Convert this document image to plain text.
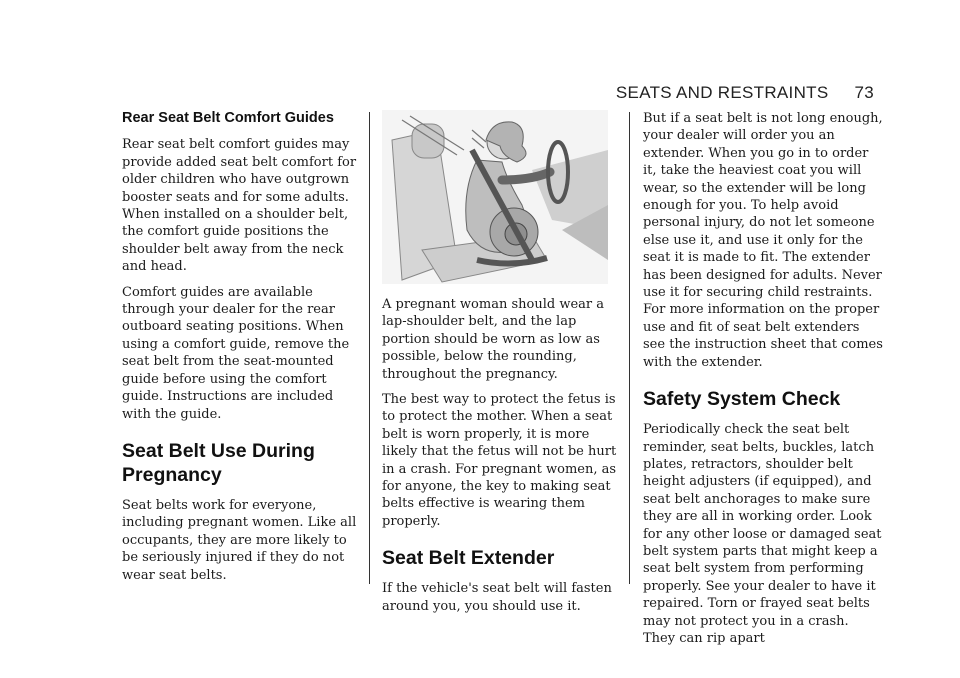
SEATS AND RESTRAINTS 73
Rear Seat Belt Comfort Guides

Rear seat belt comfort guides may provide added seat belt comfort for older children who have outgrown booster seats and for some adults. When installed on a shoulder belt, the comfort guide positions the shoulder belt away from the neck and head.

Comfort guides are available through your dealer for the rear outboard seating positions. When using a comfort guide, remove the seat belt from the seat-mounted guide before using the comfort guide. Instructions are included with the guide.

Seat Belt Use During Pregnancy

Seat belts work for everyone, including pregnant women. Like all occupants, they are more likely to be seriously injured if they do not wear seat belts.

A pregnant woman should wear a lap-shoulder belt, and the lap portion should be worn as low as possible, below the rounding, throughout the pregnancy.

The best way to protect the fetus is to protect the mother. When a seat belt is worn properly, it is more likely that the fetus will not be hurt in a crash. For pregnant women, as for anyone, the key to making seat belts effective is wearing them properly.

Seat Belt Extender

If the vehicle's seat belt will fasten around you, you should use it.

But if a seat belt is not long enough, your dealer will order you an extender. When you go in to order it, take the heaviest coat you will wear, so the extender will be long enough for you. To help avoid personal injury, do not let someone else use it, and use it only for the seat it is made to fit. The extender has been designed for adults. Never use it for securing child restraints. For more information on the proper use and fit of seat belt extenders see the instruction sheet that comes with the extender.

Safety System Check

Periodically check the seat belt reminder, seat belts, buckles, latch plates, retractors, shoulder belt height adjusters (if equipped), and seat belt anchorages to make sure they are all in working order. Look for any other loose or damaged seat belt system parts that might keep a seat belt system from performing properly. See your dealer to have it repaired. Torn or frayed seat belts may not protect you in a crash. They can rip apart
